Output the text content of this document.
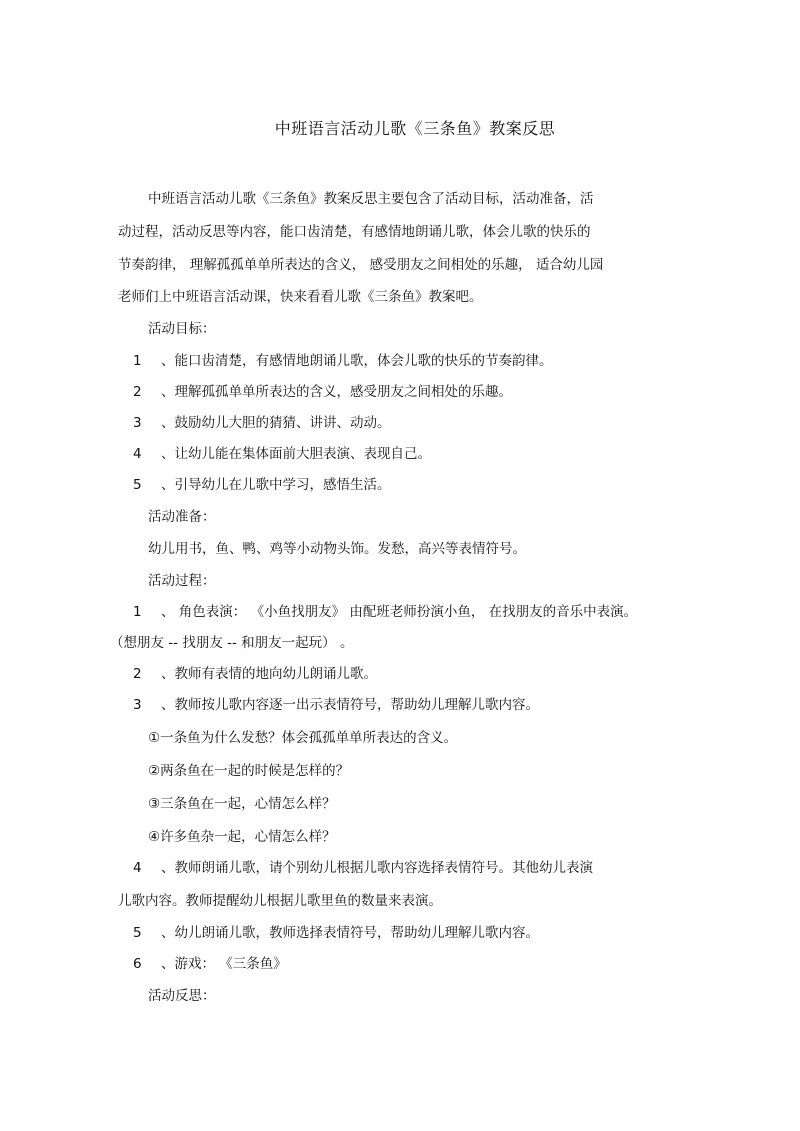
中班语言活动儿歌《三条鱼》教案反思
中班语言活动儿歌《三条鱼》教案反思主要包含了活动目标，活动准备，活
动过程，活动反思等内容，能口齿清楚，有感情地朗诵儿歌，体会儿歌的快乐的
节奏韵律， 理解孤孤单单所表达的含义， 感受朋友之间相处的乐趣， 适合幼儿园
老师们上中班语言活动课，快来看看儿歌《三条鱼》教案吧。
活动目标：
1 、能口齿清楚，有感情地朗诵儿歌，体会儿歌的快乐的节奏韵律。
2 、理解孤孤单单所表达的含义，感受朋友之间相处的乐趣。
3 、鼓励幼儿大胆的猜猜、讲讲、动动。
4 、让幼儿能在集体面前大胆表演、表现自己。
5 、引导幼儿在儿歌中学习，感悟生活。
活动准备：
幼儿用书，鱼、鸭、鸡等小动物头饰。发愁，高兴等表情符号。
活动过程：
1 、 角色表演： 《小鱼找朋友》 由配班老师扮演小鱼， 在找朋友的音乐中表演。
（想朋友 -- 找朋友 -- 和朋友一起玩） 。
2 、教师有表情的地向幼儿朗诵儿歌。
3 、教师按儿歌内容逐一出示表情符号，帮助幼儿理解儿歌内容。
①一条鱼为什么发愁？体会孤孤单单所表达的含义。
②两条鱼在一起的时候是怎样的？
③三条鱼在一起，心情怎么样？
④许多鱼杂一起，心情怎么样？
4 、教师朗诵儿歌，请个别幼儿根据儿歌内容选择表情符号。其他幼儿表演
儿歌内容。教师提醒幼儿根据儿歌里鱼的数量来表演。
5 、幼儿朗诵儿歌，教师选择表情符号，帮助幼儿理解儿歌内容。
6 、游戏： 《三条鱼》
活动反思：
